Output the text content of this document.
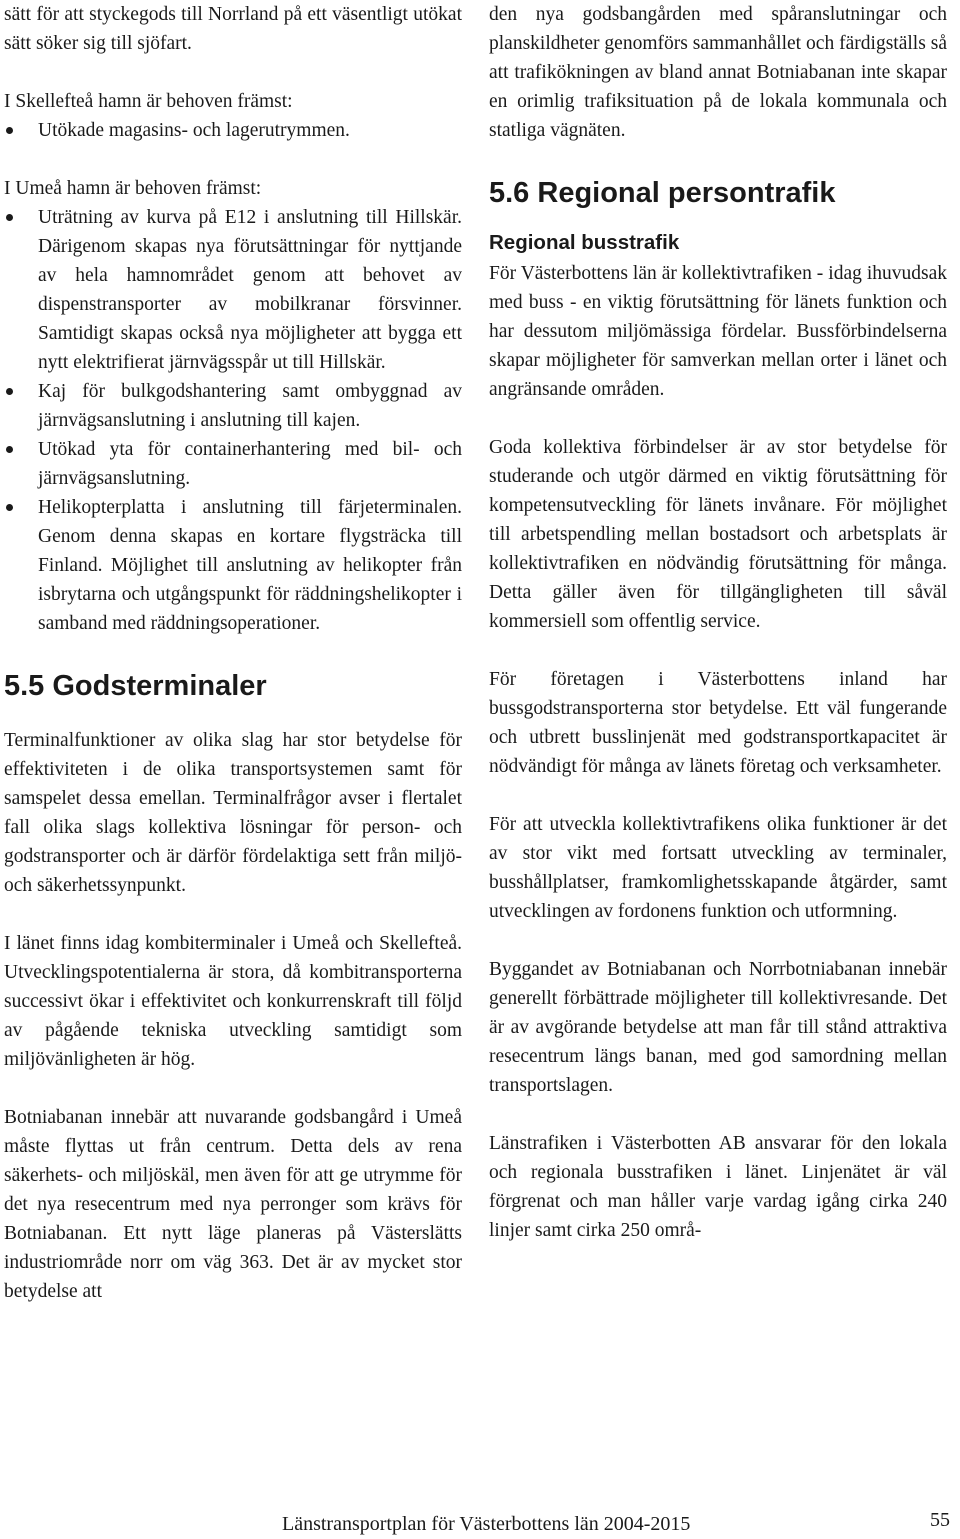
sätt för att styckegods till Norrland på ett väsentligt utökat sätt söker sig till sjöfart.

I Skellefteå hamn är behoven främst:

Utökade magasins- och lagerutrymmen.

I Umeå hamn är behoven främst:

Uträtning av kurva på E12 i anslutning till Hillskär. Därigenom skapas nya förutsättningar för nyttjande av hela hamnområdet genom att behovet av dispenstransporter av mobilkranar försvinner. Samtidigt skapas också nya möjligheter att bygga ett nytt elektrifierat järnvägsspår ut till Hillskär.
Kaj för bulkgodshantering samt ombyggnad av järnvägsanslutning i anslutning till kajen.
Utökad yta för containerhantering med bil- och järnvägsanslutning.
Helikopterplatta i anslutning till färjeterminalen. Genom denna skapas en kortare flygsträcka till Finland. Möjlighet till anslutning av helikopter från isbrytarna och utgångspunkt för räddningshelikopter i samband med räddningsoperationer.
5.5 Godsterminaler

Terminalfunktioner av olika slag har stor betydelse för effektiviteten i de olika transportsystemen samt för samspelet dessa emellan. Terminalfrågor avser i flertalet fall olika slags kollektiva lösningar för person- och godstransporter och är därför fördelaktiga sett från miljö- och säkerhetssynpunkt.

I länet finns idag kombiterminaler i Umeå och Skellefteå. Utvecklingspotentialerna är stora, då kombitransporterna successivt ökar i effektivitet och konkurrenskraft till följd av pågående tekniska utveckling samtidigt som miljövänligheten är hög.

Botniabanan innebär att nuvarande godsbangård i Umeå måste flyttas ut från centrum. Detta dels av rena säkerhets- och miljöskäl, men även för att ge utrymme för det nya resecentrum med nya perronger som krävs för Botniabanan. Ett nytt läge planeras på Västerslätts industriområde norr om väg 363. Det är av mycket stor betydelse att

den nya godsbangården med spåranslutningar och planskildheter genomförs sammanhållet och färdigställs så att trafikökningen av bland annat Botniabanan inte skapar en orimlig trafiksituation på de lokala kommunala och statliga vägnäten.

5.6 Regional persontrafik
Regional busstrafik

För Västerbottens län är kollektivtrafiken - idag ihuvudsak med buss - en viktig förutsättning för länets funktion och har dessutom miljömässiga fördelar. Bussförbindelserna skapar möjligheter för samverkan mellan orter i länet och angränsande områden.

Goda kollektiva förbindelser är av stor betydelse för studerande och utgör därmed en viktig förutsättning för kompetensutveckling för länets invånare. För möjlighet till arbetspendling mellan bostadsort och arbetsplats är kollektivtrafiken en nödvändig förutsättning för många. Detta gäller även för tillgängligheten till såväl kommersiell som offentlig service.

För företagen i Västerbottens inland har bussgodstransporterna stor betydelse. Ett väl fungerande och utbrett busslinjenät med godstransportkapacitet är nödvändigt för många av länets företag och verksamheter.

För att utveckla kollektivtrafikens olika funktioner är det av stor vikt med fortsatt utveckling av terminaler, busshållplatser, framkomlighetsskapande åtgärder, samt utvecklingen av fordonens funktion och utformning.

Byggandet av Botniabanan och Norrbotniabanan innebär generellt förbättrade möjligheter till kollektivresande. Det är av avgörande betydelse att man får till stånd attraktiva resecentrum längs banan, med god samordning mellan transportslagen.

Länstrafiken i Västerbotten AB ansvarar för den lokala och regionala busstrafiken i länet. Linjenätet är väl förgrenat och man håller varje vardag igång cirka 240 linjer samt cirka 250 områ-

Länstransportplan för Västerbottens län 2004-2015	55
